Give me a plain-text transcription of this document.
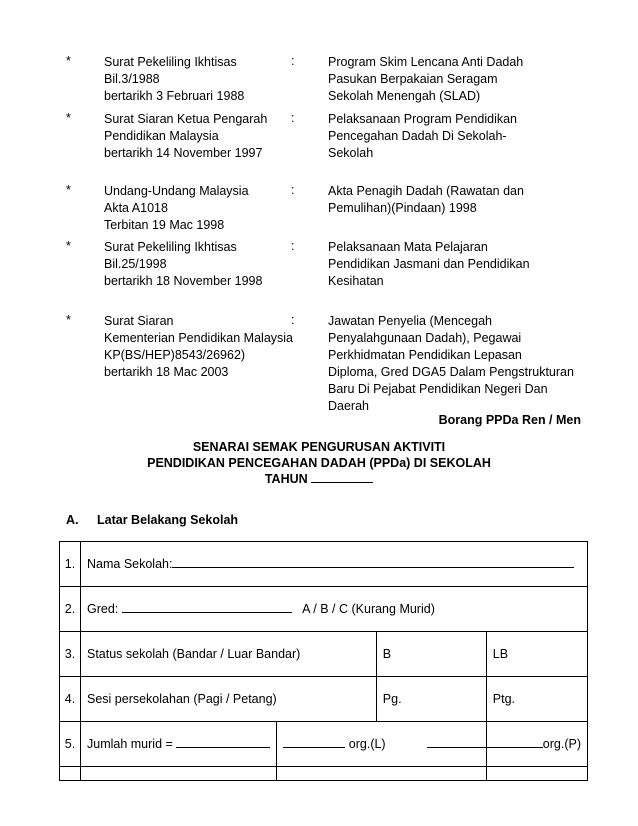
*	Surat Pekeliling Ikhtisas
Bil.3/1988
bertarikh 3 Februari 1988
:	Program Skim Lencana Anti Dadah
Pasukan Berpakaian Seragam
Sekolah Menengah (SLAD)
*	Surat Siaran Ketua Pengarah
Pendidikan Malaysia
bertarikh 14 November 1997
:	Pelaksanaan Program Pendidikan
Pencegahan Dadah Di Sekolah-
Sekolah
*	Undang-Undang Malaysia
Akta A1018
Terbitan 19 Mac 1998
:	Akta Penagih Dadah (Rawatan dan
Pemulihan)(Pindaan) 1998
*	Surat Pekeliling Ikhtisas
Bil.25/1998
bertarikh 18 November 1998
:	Pelaksanaan Mata Pelajaran
Pendidikan Jasmani dan Pendidikan
Kesihatan
*	Surat Siaran
Kementerian Pendidikan Malaysia
KP(BS/HEP)8543/26962)
bertarikh 18 Mac 2003
:	Jawatan Penyelia (Mencegah
Penyalahgunaan Dadah), Pegawai
Perkhidmatan Pendidikan Lepasan
Diploma, Gred DGA5 Dalam Pengstrukturan
Baru Di Pejabat Pendidikan Negeri Dan
Daerah
Borang PPDa Ren / Men
SENARAI SEMAK PENGURUSAN AKTIVITI
PENDIDIKAN PENCEGAHAN DADAH (PPDa) DI SEKOLAH
TAHUN
A. Latar Belakang Sekolah
1.	Nama Sekolah:			
2.	Gred: A / B / C (Kurang Murid)			
3.	Status sekolah (Bandar / Luar Bandar)		B	LB
4.	Sesi persekolahan (Pagi / Petang)		Pg.	Ptg.
5.	Jumlah murid =	org.(L)		org.(P)
